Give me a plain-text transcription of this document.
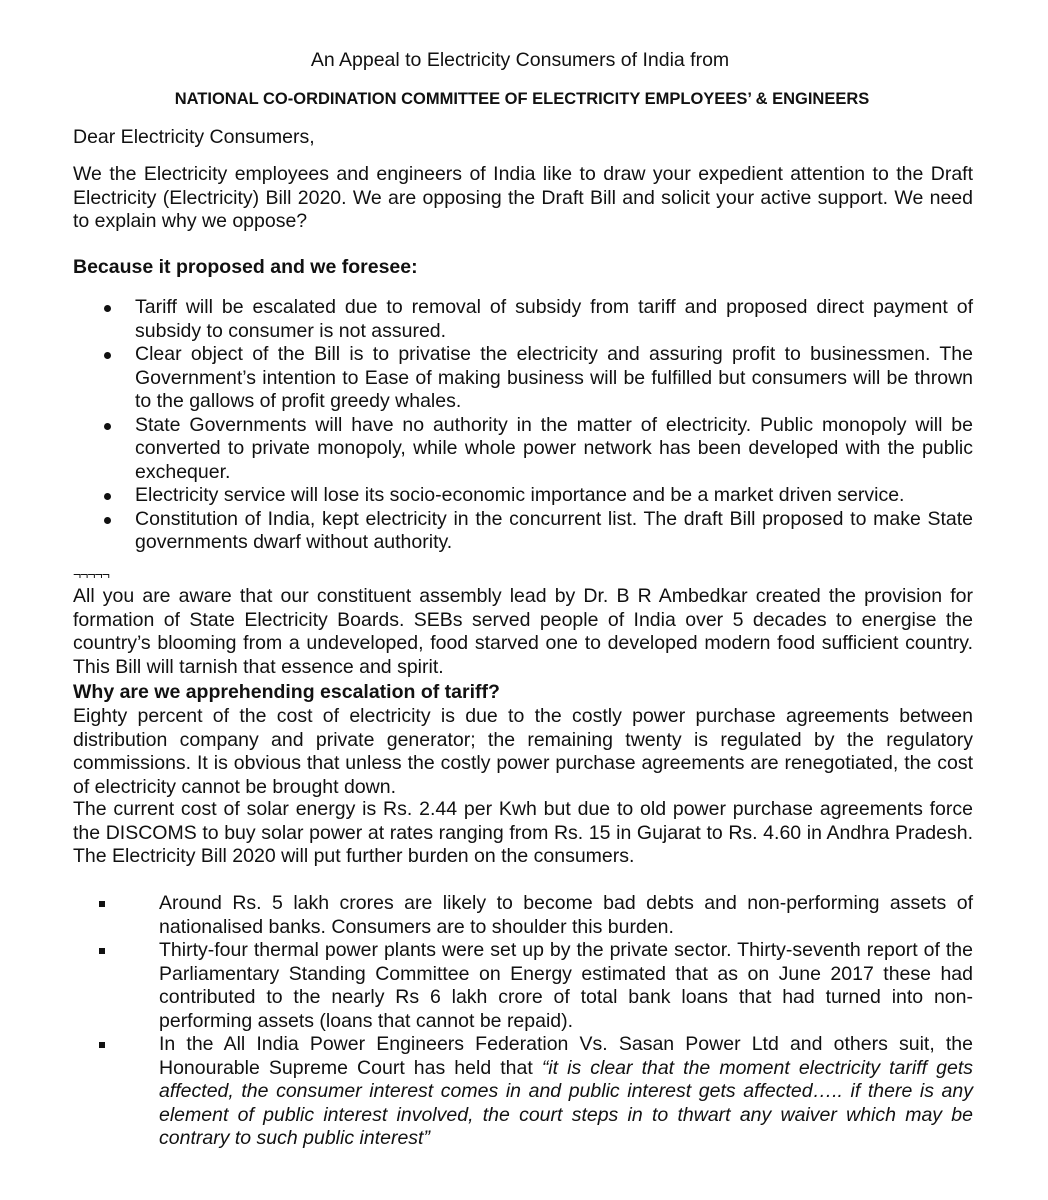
An Appeal to Electricity Consumers of India from
NATIONAL CO-ORDINATION COMMITTEE OF ELECTRICITY EMPLOYEES’ & ENGINEERS
Dear Electricity Consumers,
We the Electricity employees and engineers of India like to draw your expedient attention to the Draft Electricity (Electricity) Bill 2020. We are opposing the Draft Bill and solicit your active support. We need to explain why we oppose?
Because it proposed and we foresee:
Tariff will be escalated due to removal of subsidy from tariff and proposed direct payment of subsidy to consumer is not assured.
Clear object of the Bill is to privatise the electricity and assuring profit to businessmen. The Government’s intention to Ease of making business will be fulfilled but consumers will be thrown to the gallows of profit greedy whales.
State Governments will have no authority in the matter of electricity. Public monopoly will be converted to private monopoly, while whole power network has been developed with the public exchequer.
Electricity service will lose its socio-economic importance and be a market driven service.
Constitution of India, kept electricity in the concurrent list. The draft Bill proposed to make State governments dwarf without authority.
¬¬¬¬¬
All you are aware that our constituent assembly lead by Dr. B R Ambedkar created the provision for formation of State Electricity Boards. SEBs served people of India over 5 decades to energise the country’s blooming from a undeveloped, food starved one to developed modern food sufficient country. This Bill will tarnish that essence and spirit.
Why are we apprehending escalation of tariff?
Eighty percent of the cost of electricity is due to the costly power purchase agreements between distribution company and private generator; the remaining twenty is regulated by the regulatory commissions. It is obvious that unless the costly power purchase agreements are renegotiated, the cost of electricity cannot be brought down.
The current cost of solar energy is Rs. 2.44 per Kwh but due to old power purchase agreements force the DISCOMS to buy solar power at rates ranging from Rs. 15 in Gujarat to Rs. 4.60 in Andhra Pradesh. The Electricity Bill 2020 will put further burden on the consumers.
Around Rs. 5 lakh crores are likely to become bad debts and non-performing assets of nationalised banks. Consumers are to shoulder this burden.
Thirty-four thermal power plants were set up by the private sector. Thirty-seventh report of the Parliamentary Standing Committee on Energy estimated that as on June 2017 these had contributed to the nearly Rs 6 lakh crore of total bank loans that had turned into non- performing assets (loans that cannot be repaid).
In the All India Power Engineers Federation Vs. Sasan Power Ltd and others suit, the Honourable Supreme Court has held that “it is clear that the moment electricity tariff gets affected, the consumer interest comes in and public interest gets affected….. if there is any element of public interest involved, the court steps in to thwart any waiver which may be contrary to such public interest”
